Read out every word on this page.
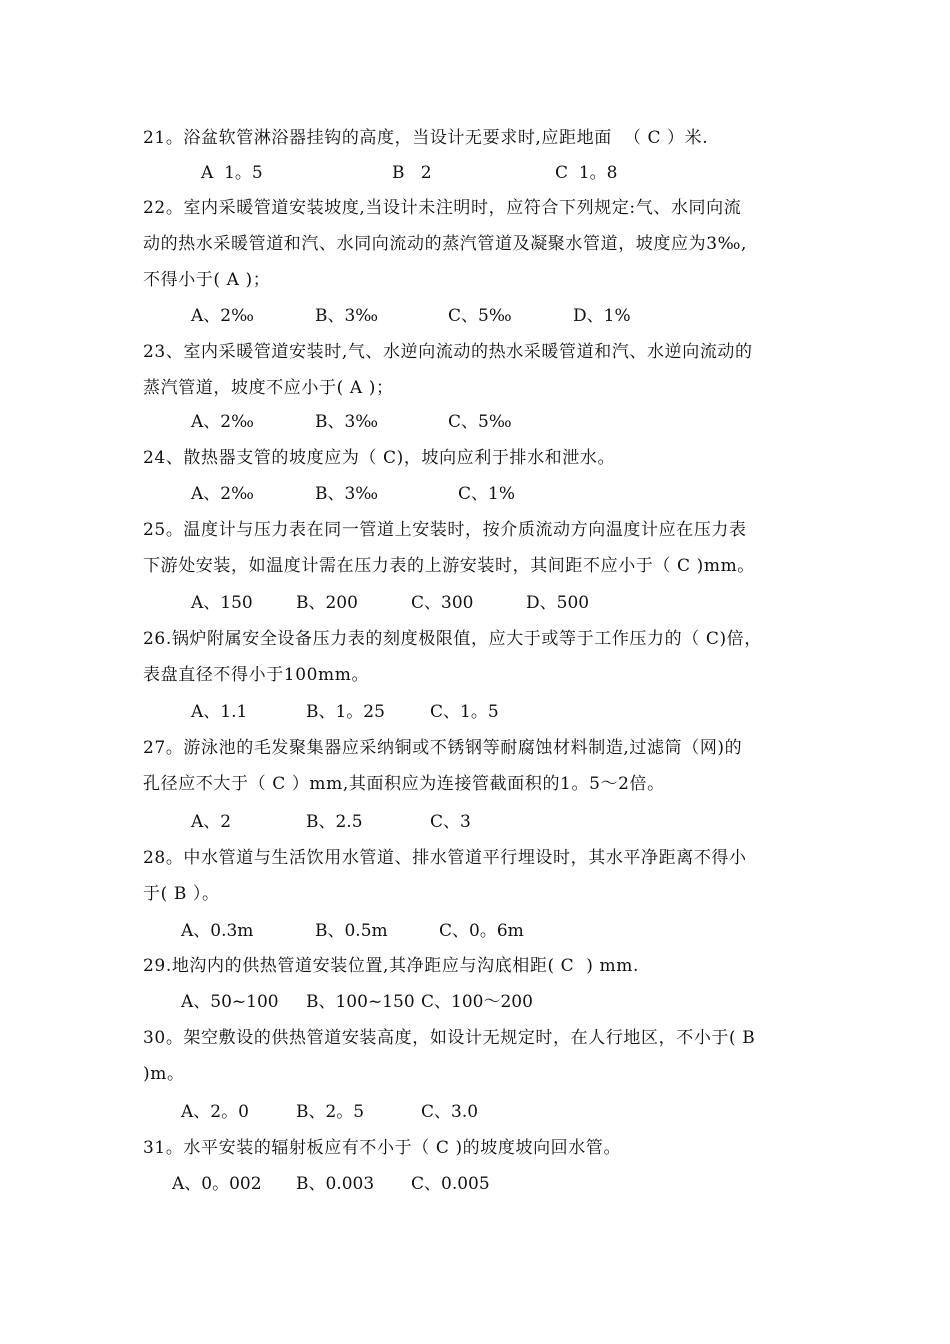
21。浴盆软管淋浴器挂钩的高度，当设计无要求时,应距地面  （ C ）米.
A  1。5	B   2	C  1。8
22。室内采暖管道安装坡度,当设计未注明时，应符合下列规定:气、水同向流
动的热水采暖管道和汽、水同向流动的蒸汽管道及凝聚水管道，坡度应为3‰,
不得小于( A )；
A、2‰	B、3‰	C、5‰	D、1%
23、室内采暖管道安装时,气、水逆向流动的热水采暖管道和汽、水逆向流动的
蒸汽管道，坡度不应小于( A )；
A、2‰	B、3‰	C、5‰
24、散热器支管的坡度应为（ C)，坡向应利于排水和泄水。
A、2‰	B、3‰	C、1%
25。温度计与压力表在同一管道上安装时，按介质流动方向温度计应在压力表
下游处安装，如温度计需在压力表的上游安装时，其间距不应小于（ C )mm。
A、150	B、200	C、300	D、500
26.锅炉附属安全设备压力表的刻度极限值，应大于或等于工作压力的（ C)倍，
表盘直径不得小于100mm。
A、1.1	B、1。25	C、1。5
27。游泳池的毛发聚集器应采纳铜或不锈钢等耐腐蚀材料制造,过滤筒（网)的
孔径应不大于（ C ）mm,其面积应为连接管截面积的1。5～2倍。
A、2	B、2.5	C、3
28。中水管道与生活饮用水管道、排水管道平行埋设时，其水平净距离不得小
于( B ）。
A、0.3m	B、0.5m	C、0。6m
29.地沟内的供热管道安装位置,其净距应与沟底相距( C  ) mm.
A、50~100 B、100~150 C、100～200
30。架空敷设的供热管道安装高度，如设计无规定时，在人行地区，不小于( B
)m。
A、2。0	B、2。5	C、3.0
31。水平安装的辐射板应有不小于（ C )的坡度坡向回水管。
A、0。002 B、0.003 C、0.005
